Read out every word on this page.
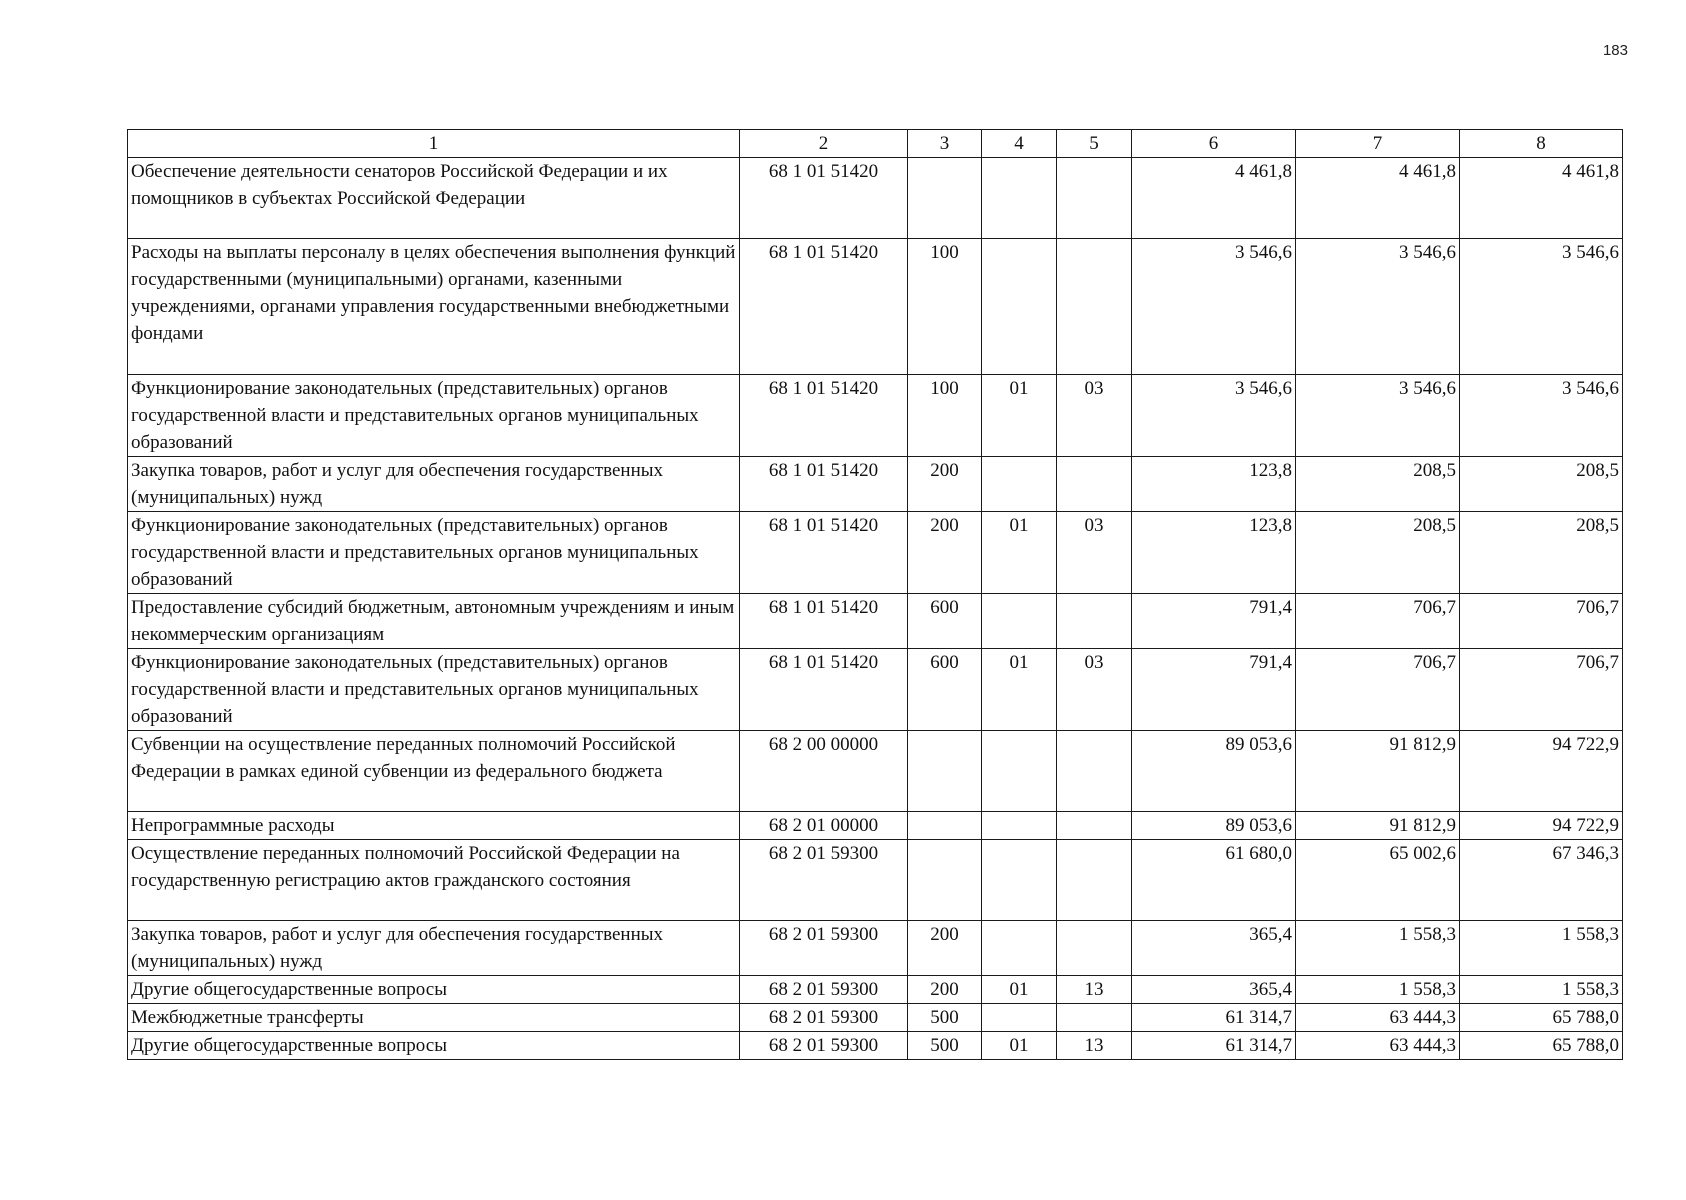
183
1	2	3	4	5	6	7	8
Обеспечение деятельности сенаторов Российской Федерации и их помощников в субъектах Российской Федерации	68 1 01 51420				4 461,8	4 461,8	4 461,8
Расходы на выплаты персоналу в целях обеспечения выполнения функций государственными (муниципальными) органами, казенными учреждениями, органами управления государственными внебюджетными фондами	68 1 01 51420	100			3 546,6	3 546,6	3 546,6
Функционирование законодательных (представительных) органов государственной власти и представительных органов муниципальных образований	68 1 01 51420	100	01	03	3 546,6	3 546,6	3 546,6
Закупка товаров, работ и услуг для обеспечения государственных (муниципальных) нужд	68 1 01 51420	200			123,8	208,5	208,5
Функционирование законодательных (представительных) органов государственной власти и представительных органов муниципальных образований	68 1 01 51420	200	01	03	123,8	208,5	208,5
Предоставление субсидий бюджетным, автономным учреждениям и иным некоммерческим организациям	68 1 01 51420	600			791,4	706,7	706,7
Функционирование законодательных (представительных) органов государственной власти и представительных органов муниципальных образований	68 1 01 51420	600	01	03	791,4	706,7	706,7
Субвенции на осуществление переданных полномочий Российской Федерации в рамках единой субвенции из федерального бюджета	68 2 00 00000				89 053,6	91 812,9	94 722,9
Непрограммные расходы	68 2 01 00000				89 053,6	91 812,9	94 722,9
Осуществление переданных полномочий Российской Федерации на государственную регистрацию актов гражданского состояния	68 2 01 59300				61 680,0	65 002,6	67 346,3
Закупка товаров, работ и услуг для обеспечения государственных (муниципальных) нужд	68 2 01 59300	200			365,4	1 558,3	1 558,3
Другие общегосударственные вопросы	68 2 01 59300	200	01	13	365,4	1 558,3	1 558,3
Межбюджетные трансферты	68 2 01 59300	500			61 314,7	63 444,3	65 788,0
Другие общегосударственные вопросы	68 2 01 59300	500	01	13	61 314,7	63 444,3	65 788,0
